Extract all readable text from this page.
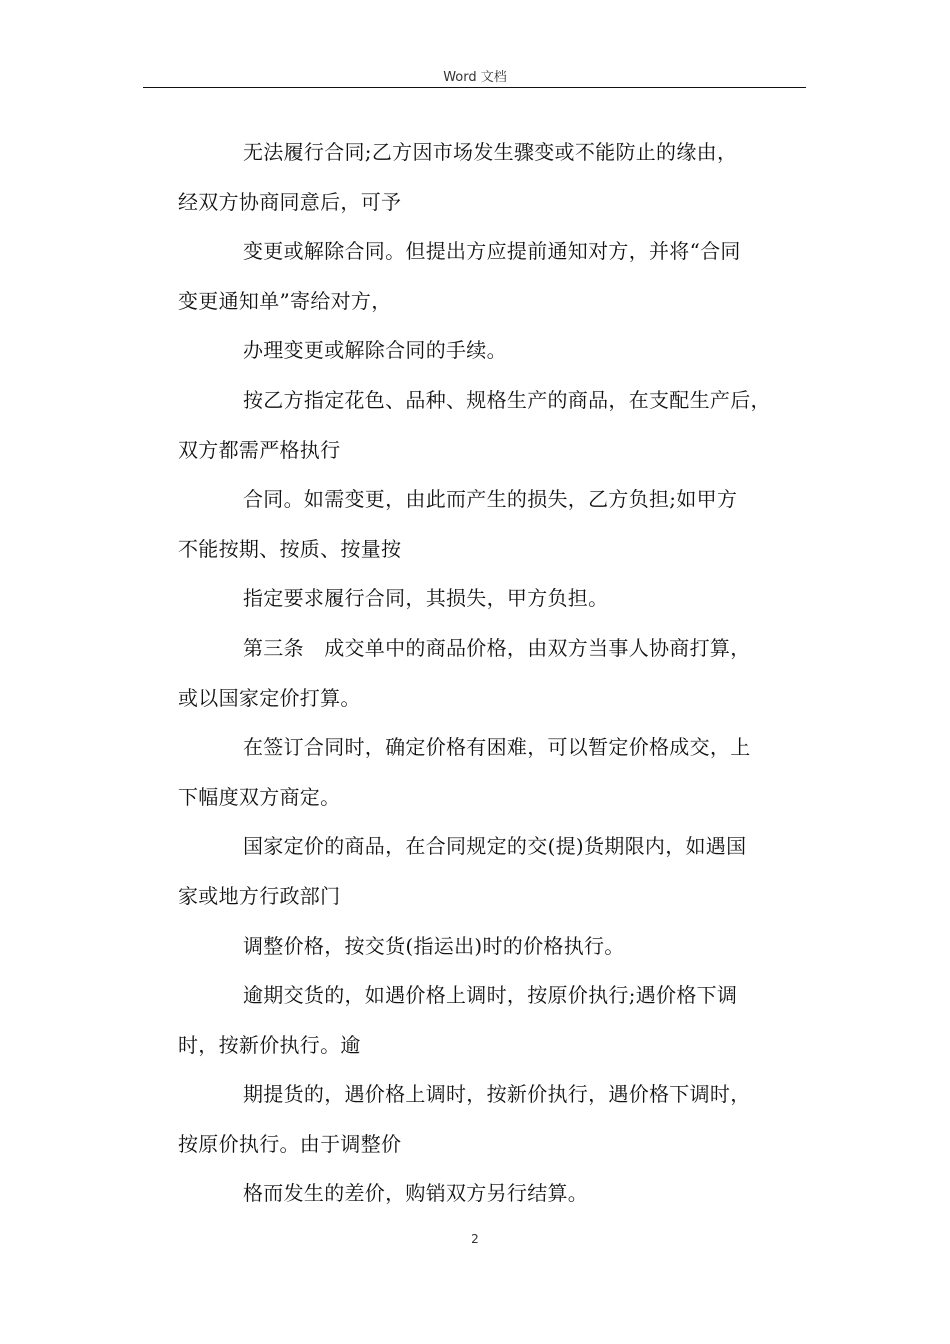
Word 文档

无法履行合同;乙方因市场发生骤变或不能防止的缘由，

经双方协商同意后，可予

变更或解除合同。但提出方应提前通知对方，并将“合同

变更通知单”寄给对方，

办理变更或解除合同的手续。

按乙方指定花色、品种、规格生产的商品，在支配生产后，

双方都需严格执行

合同。如需变更，由此而产生的损失，乙方负担;如甲方

不能按期、按质、按量按

指定要求履行合同，其损失，甲方负担。

第三条　成交单中的商品价格，由双方当事人协商打算，

或以国家定价打算。

在签订合同时，确定价格有困难，可以暂定价格成交，上

下幅度双方商定。

国家定价的商品，在合同规定的交(提)货期限内，如遇国

家或地方行政部门

调整价格，按交货(指运出)时的价格执行。

逾期交货的，如遇价格上调时，按原价执行;遇价格下调

时，按新价执行。逾

期提货的，遇价格上调时，按新价执行，遇价格下调时，

按原价执行。由于调整价

格而发生的差价，购销双方另行结算。

2
